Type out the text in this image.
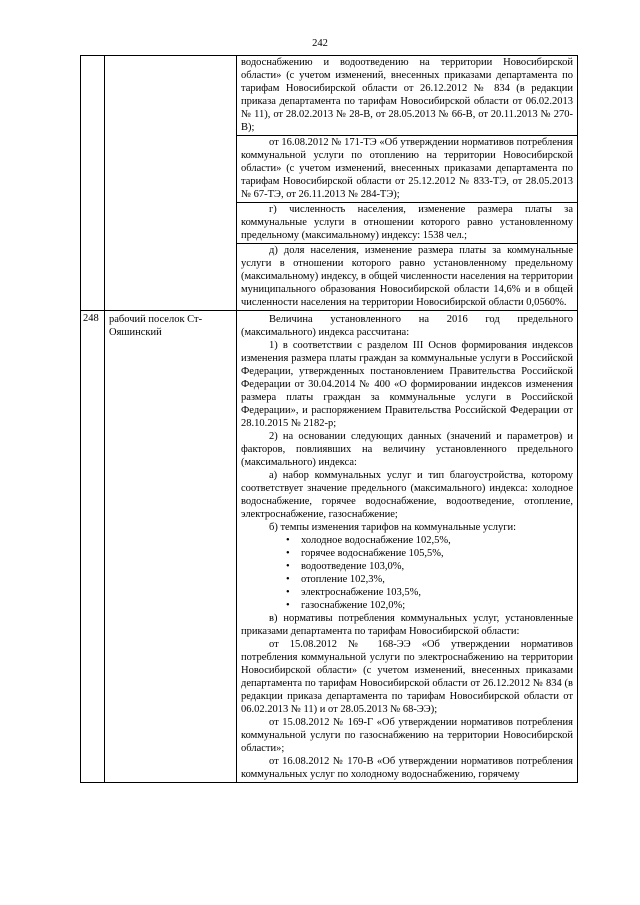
242

водоснабжению и водоотведению на территории Новосибирской области» (с учетом изменений, внесенных приказами департамента по тарифам Новосибирской области от 26.12.2012 № 834 (в редакции приказа департамента по тарифам Новосибирской области от 06.02.2013 № 11), от 28.02.2013 № 28-В, от 28.05.2013 № 66-В, от 20.11.2013 № 270-В);

от 16.08.2012 № 171-ТЭ «Об утверждении нормативов потребления коммунальной услуги по отоплению на территории Новосибирской области» (с учетом изменений, внесенных приказами департамента по тарифам Новосибирской области от 25.12.2012 № 833-ТЭ, от 28.05.2013 № 67-ТЭ, от 26.11.2013 № 284-ТЭ);

г) численность населения, изменение размера платы за коммунальные услуги в отношении которого равно установленному предельному (максимальному) индексу: 1538 чел.;

д) доля населения, изменение размера платы за коммунальные услуги в отношении которого равно установленному предельному (максимальному) индексу, в общей численности населения на территории муниципального образования Новосибирской области 14,6% и в общей численности населения на территории Новосибирской области 0,0560%.

248 рабочий поселок Ст-Ояшинский

Величина установленного на 2016 год предельного (максимального) индекса рассчитана:

1) в соответствии с разделом III Основ формирования индексов изменения размера платы граждан за коммунальные услуги в Российской Федерации, утвержденных постановлением Правительства Российской Федерации от 30.04.2014 № 400 «О формировании индексов изменения размера платы граждан за коммунальные услуги в Российской Федерации», и распоряжением Правительства Российской Федерации от 28.10.2015 № 2182-р;

2) на основании следующих данных (значений и параметров) и факторов, повлиявших на величину установленного предельного (максимального) индекса:

а) набор коммунальных услуг и тип благоустройства, которому соответствует значение предельного (максимального) индекса: холодное водоснабжение, горячее водоснабжение, водоотведение, отопление, электроснабжение, газоснабжение;

б) темпы изменения тарифов на коммунальные услуги:

• холодное водоснабжение 102,5%,
• горячее водоснабжение 105,5%,
• водоотведение 103,0%,
• отопление 102,3%,
• электроснабжение 103,5%,
• газоснабжение 102,0%;

в) нормативы потребления коммунальных услуг, установленные приказами департамента по тарифам Новосибирской области:

от 15.08.2012 № 168-ЭЭ «Об утверждении нормативов потребления коммунальной услуги по электроснабжению на территории Новосибирской области» (с учетом изменений, внесенных приказами департамента по тарифам Новосибирской области от 26.12.2012 № 834 (в редакции приказа департамента по тарифам Новосибирской области от 06.02.2013 № 11) и от 28.05.2013 № 68-ЭЭ);

от 15.08.2012 № 169-Г «Об утверждении нормативов потребления коммунальной услуги по газоснабжению на территории Новосибирской области»;

от 16.08.2012 № 170-В «Об утверждении нормативов потребления коммунальных услуг по холодному водоснабжению, горячему
